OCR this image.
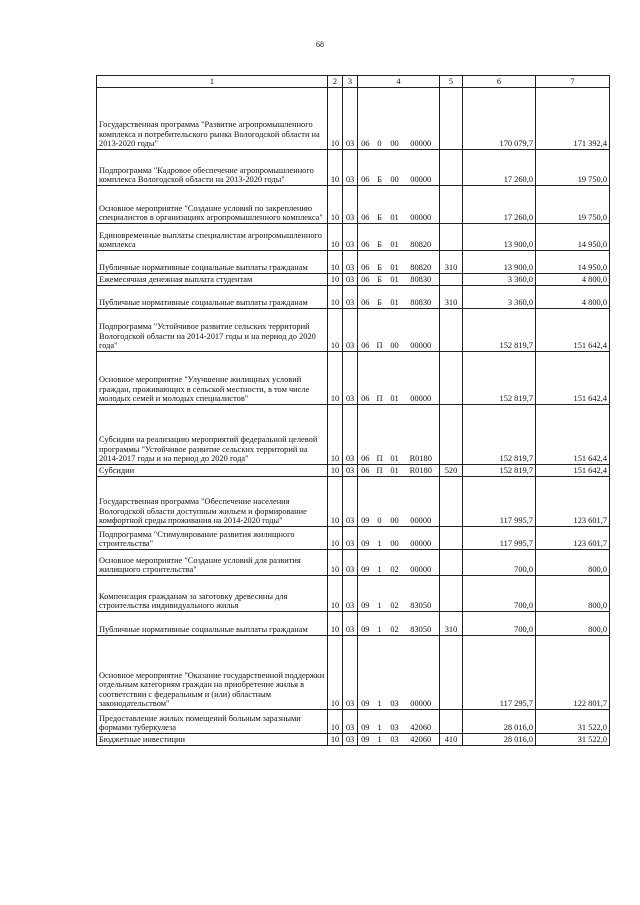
68
1	2	3	4				5	6	7
Государственная программа "Развитие агропромышленного комплекса и потребительского рынка Вологодской области на 2013-2020 годы"	10	03	06	0	00	00000		170 079,7	171 392,4
Подпрограмма "Кадровое обеспечение агропромышленного комплекса Вологодской области на 2013-2020 годы"	10	03	06	Б	00	00000		17 260,0	19 750,0
Основное мероприятие "Создание условий по закреплению специалистов в организациях агропромышленного комплекса"	10	03	06	Б	01	00000		17 260,0	19 750,0
Единовременные выплаты специалистам агропромышленного комплекса	10	03	06	Б	01	80820		13 900,0	14 950,0
Публичные нормативные социальные выплаты гражданам	10	03	06	Б	01	80820	310	13 900,0	14 950,0
Ежемесячная денежная выплата студентам	10	03	06	Б	01	80830		3 360,0	4 800,0
Публичные нормативные социальные выплаты гражданам	10	03	06	Б	01	80830	310	3 360,0	4 800,0
Подпрограмма "Устойчивое развитие сельских территорий Вологодской области на 2014-2017 годы и на период до 2020 года"	10	03	06	П	00	00000		152 819,7	151 642,4
Основное мероприятие "Улучшение жилищных условий граждан, проживающих в сельской местности, в том числе молодых семей и молодых специалистов"	10	03	06	П	01	00000		152 819,7	151 642,4
Субсидии на реализацию мероприятий федеральной целевой программы "Устойчивое развитие сельских территорий на 2014-2017 годы и на период до 2020 года"	10	03	06	П	01	R0180		152 819,7	151 642,4
Субсидии	10	03	06	П	01	R0180	520	152 819,7	151 642,4
Государственная программа "Обеспечение населения Вологодской области доступным жильем и формирование комфортной среды проживания на 2014-2020 годы"	10	03	09	0	00	00000		117 995,7	123 601,7
Подпрограмма "Стимулирование развития жилищного строительства"	10	03	09	1	00	00000		117 995,7	123 601,7
Основное мероприятие "Создание условий для развития жилищного строительства"	10	03	09	1	02	00000		700,0	800,0
Компенсация гражданам за заготовку древесины для строительства индивидуального жилья	10	03	09	1	02	83050		700,0	800,0
Публичные нормативные социальные выплаты гражданам	10	03	09	1	02	83050	310	700,0	800,0
Основное мероприятие "Оказание государственной поддержки отдельным категориям граждан на приобретение жилья в соответствии с федеральным и (или) областным законодательством"	10	03	09	1	03	00000		117 295,7	122 801,7
Предоставление жилых помещений больным заразными формами туберкулеза	10	03	09	1	03	42060		28 016,0	31 522,0
Бюджетные инвестиции	10	03	09	1	03	42060	410	28 016,0	31 522,0
